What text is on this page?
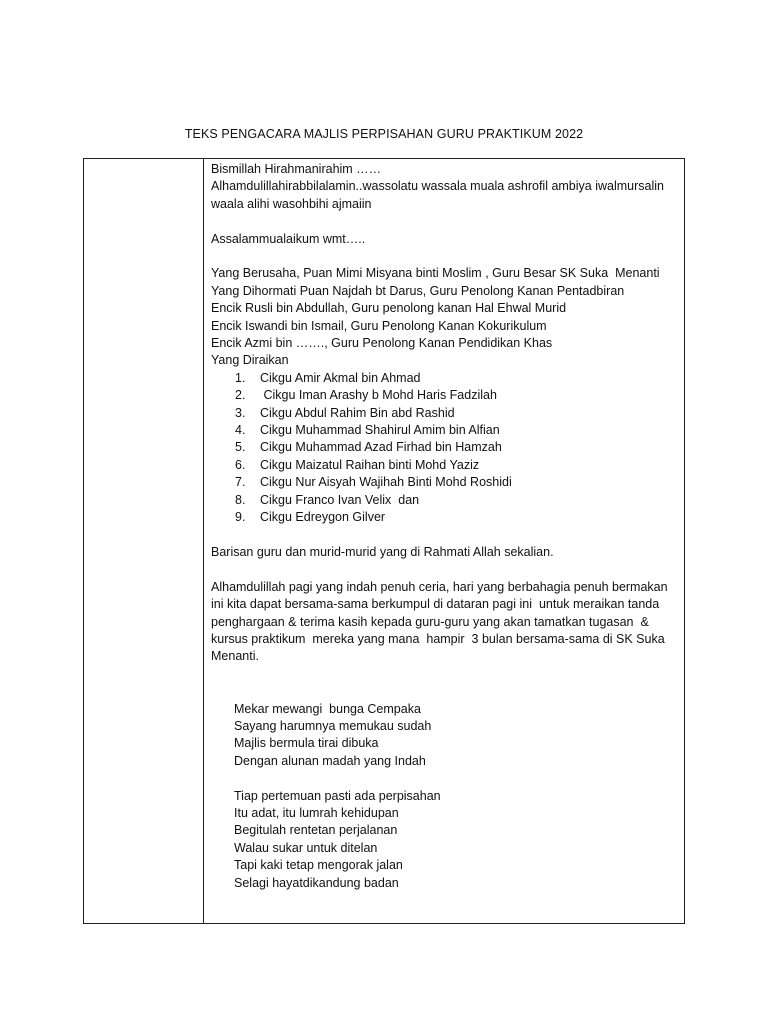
TEKS PENGACARA MAJLIS PERPISAHAN GURU PRAKTIKUM 2022
Bismillah Hirahmanirahim ……
Alhamdulillahirabbilalamin..wassolatu wassala muala ashrofil ambiya iwalmursalin
waala alihi wasohbihi ajmaiin
Assalammualaikum wmt…..
Yang Berusaha, Puan Mimi Misyana binti Moslim , Guru Besar SK Suka  Menanti
Yang Dihormati Puan Najdah bt Darus, Guru Penolong Kanan Pentadbiran
Encik Rusli bin Abdullah, Guru penolong kanan Hal Ehwal Murid
Encik Iswandi bin Ismail, Guru Penolong Kanan Kokurikulum
Encik Azmi bin ……., Guru Penolong Kanan Pendidikan Khas
Yang Diraikan
1.	Cikgu Amir Akmal bin Ahmad
2.	Cikgu Iman Arashy b Mohd Haris Fadzilah
3.	Cikgu Abdul Rahim Bin abd Rashid
4.	Cikgu Muhammad Shahirul Amim bin Alfian
5.	Cikgu Muhammad Azad Firhad bin Hamzah
6.	Cikgu Maizatul Raihan binti Mohd Yaziz
7.	Cikgu Nur Aisyah Wajihah Binti Mohd Roshidi
8.	Cikgu Franco Ivan Velix  dan
9.	Cikgu Edreygon Gilver
Barisan guru dan murid-murid yang di Rahmati Allah sekalian.
Alhamdulillah pagi yang indah penuh ceria, hari yang berbahagia penuh bermakan
ini kita dapat bersama-sama berkumpul di dataran pagi ini  untuk meraikan tanda
penghargaan & terima kasih kepada guru-guru yang akan tamatkan tugasan  &
kursus praktikum  mereka yang mana  hampir  3 bulan bersama-sama di SK Suka
Menanti.
Mekar mewangi  bunga Cempaka
Sayang harumnya memukau sudah
Majlis bermula tirai dibuka
Dengan alunan madah yang Indah
Tiap pertemuan pasti ada perpisahan
Itu adat, itu lumrah kehidupan
Begitulah rentetan perjalanan
Walau sukar untuk ditelan
Tapi kaki tetap mengorak jalan
Selagi hayatdikandung badan
